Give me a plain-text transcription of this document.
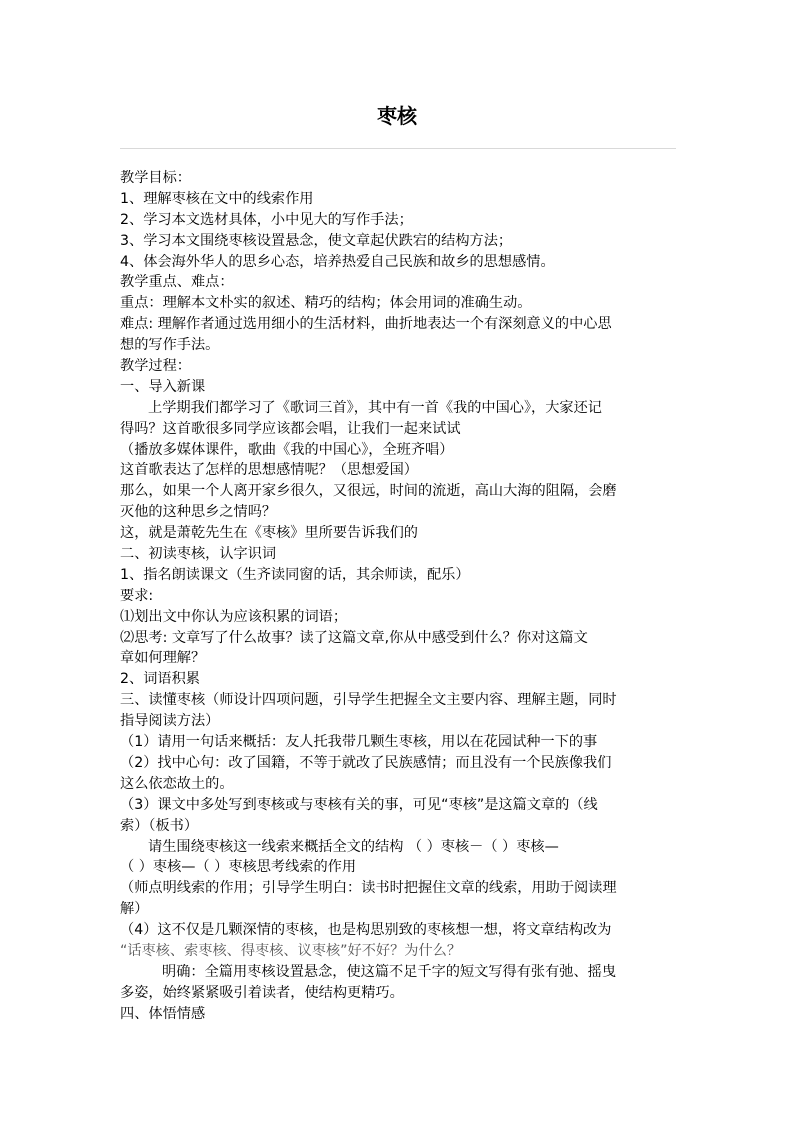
枣核
教学目标：
1、理解枣核在文中的线索作用
2、学习本文选材具体，小中见大的写作手法；
3、学习本文围绕枣核设置悬念，使文章起伏跌宕的结构方法；
4、体会海外华人的思乡心态，培养热爱自己民族和故乡的思想感情。
教学重点、难点：
重点：理解本文朴实的叙述、精巧的结构；体会用词的准确生动。
难点: 理解作者通过选用细小的生活材料，曲折地表达一个有深刻意义的中心思
想的写作手法。
教学过程：
一、导入新课
上学期我们都学习了《歌词三首》，其中有一首《我的中国心》，大家还记
得吗？这首歌很多同学应该都会唱，让我们一起来试试
（播放多媒体课件，歌曲《我的中国心》，全班齐唱）
这首歌表达了怎样的思想感情呢？（思想爱国）
那么，如果一个人离开家乡很久，又很远，时间的流逝，高山大海的阻隔，会磨
灭他的这种思乡之情吗？
这，就是萧乾先生在《枣核》里所要告诉我们的
二、初读枣核，认字识词
1、指名朗读课文（生齐读同窗的话，其余师读，配乐）
要求:
⑴划出文中你认为应该积累的词语；
⑵思考: 文章写了什么故事？读了这篇文章,你从中感受到什么？你对这篇文
章如何理解？
2、词语积累
三、读懂枣核（师设计四项问题，引导学生把握全文主要内容、理解主题，同时
指导阅读方法）
（1）请用一句话来概括：友人托我带几颗生枣核，用以在花园试种一下的事
（2）找中心句：改了国籍，不等于就改了民族感情；而且没有一个民族像我们
这么依恋故土的。
（3）课文中多处写到枣核或与枣核有关的事，可见“枣核”是这篇文章的（线
索）（板书）
请生围绕枣核这一线索来概括全文的结构 （ ）枣核－（ ）枣核—
（ ）枣核—（ ）枣核思考线索的作用
（师点明线索的作用；引导学生明白：读书时把握住文章的线索，用助于阅读理
解）
（4）这不仅是几颗深情的枣核，也是构思别致的枣核想一想，将文章结构改为
“话枣核、索枣核、得枣核、议枣核”好不好？为什么？
明确：全篇用枣核设置悬念，使这篇不足千字的短文写得有张有弛、摇曳
多姿，始终紧紧吸引着读者，使结构更精巧。
四、体悟情感
